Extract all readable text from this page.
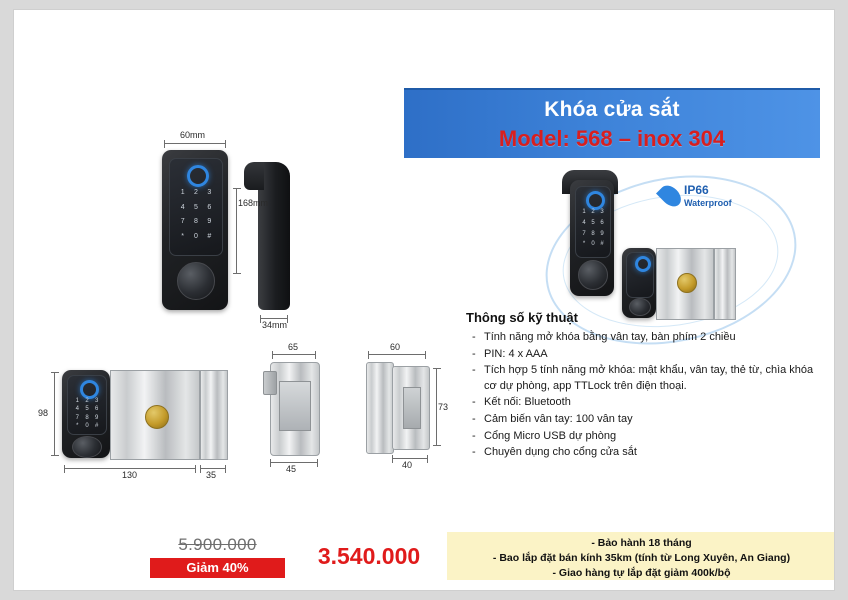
Khóa cửa sắt
Model: 568 – inox 304
1	2	3
4	5	6
7	8	9
*	0	#
60mm
168mm
34mm
1	2	3
4	5	6
7	8	9
*	0	#
98
130	35
65
45
60
73
40
1 2 3
4 5 6
7 8 9
*	0 #
IP66
Waterproof
Thông số kỹ thuật
- Tính năng mở khóa bằng vân tay, bàn phím 2 chiều
- PIN: 4 x AAA
- Tích hợp 5 tính năng mở khóa: mật khẩu, vân tay, thẻ từ, chìa khóa cơ dự phòng, app TTLock trên điện thoại.
- Kết nối: Bluetooth
- Cảm biến vân tay: 100 vân tay
- Cổng Micro USB dự phòng
- Chuyên dụng cho cổng cửa sắt
5.900.000
Giảm 40%	3.540.000	- Bảo hành 18 tháng
- Bao lắp đặt bán kính 35km (tính từ Long Xuyên, An Giang)
- Giao hàng tự lắp đặt giảm 400k/bộ
